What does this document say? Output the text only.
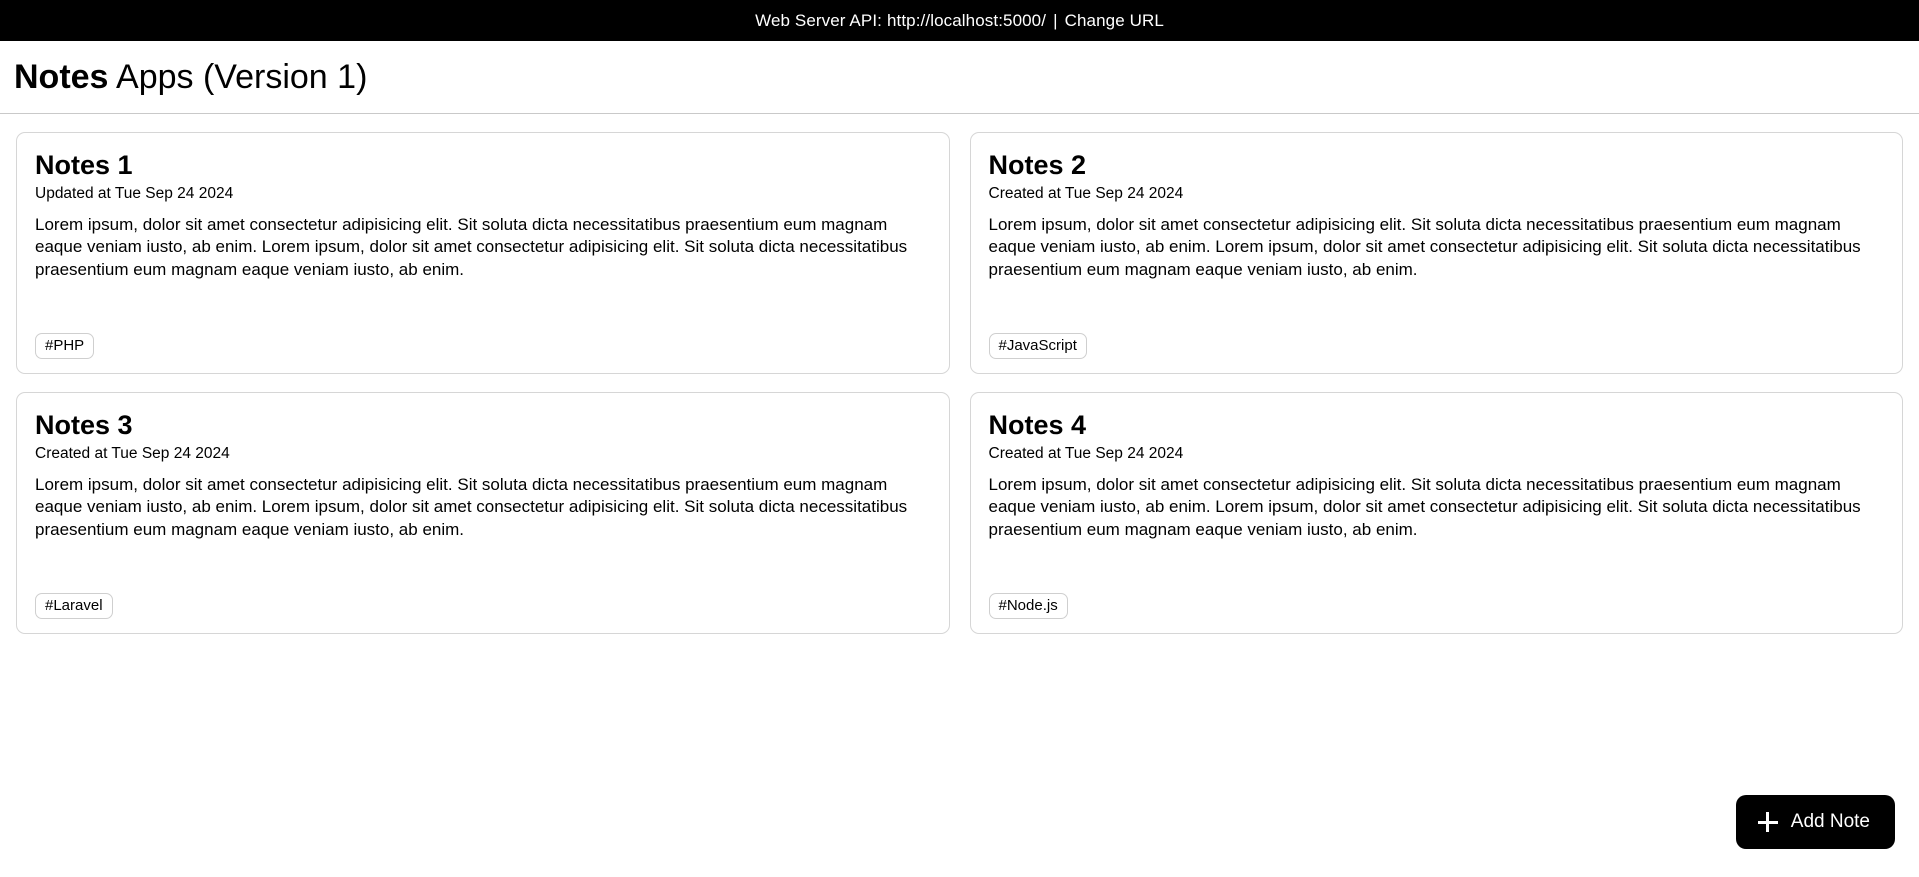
Web Server API: http://localhost:5000/ | Change URL
Notes Apps (Version 1)
Notes 1
Updated at Tue Sep 24 2024

Lorem ipsum, dolor sit amet consectetur adipisicing elit. Sit soluta dicta necessitatibus praesentium eum magnam eaque veniam iusto, ab enim. Lorem ipsum, dolor sit amet consectetur adipisicing elit. Sit soluta dicta necessitatibus praesentium eum magnam eaque veniam iusto, ab enim.

#PHP
Notes 2
Created at Tue Sep 24 2024

Lorem ipsum, dolor sit amet consectetur adipisicing elit. Sit soluta dicta necessitatibus praesentium eum magnam eaque veniam iusto, ab enim. Lorem ipsum, dolor sit amet consectetur adipisicing elit. Sit soluta dicta necessitatibus praesentium eum magnam eaque veniam iusto, ab enim.

#JavaScript
Notes 3
Created at Tue Sep 24 2024

Lorem ipsum, dolor sit amet consectetur adipisicing elit. Sit soluta dicta necessitatibus praesentium eum magnam eaque veniam iusto, ab enim. Lorem ipsum, dolor sit amet consectetur adipisicing elit. Sit soluta dicta necessitatibus praesentium eum magnam eaque veniam iusto, ab enim.

#Laravel
Notes 4
Created at Tue Sep 24 2024

Lorem ipsum, dolor sit amet consectetur adipisicing elit. Sit soluta dicta necessitatibus praesentium eum magnam eaque veniam iusto, ab enim. Lorem ipsum, dolor sit amet consectetur adipisicing elit. Sit soluta dicta necessitatibus praesentium eum magnam eaque veniam iusto, ab enim.

#Node.js
Add Note
